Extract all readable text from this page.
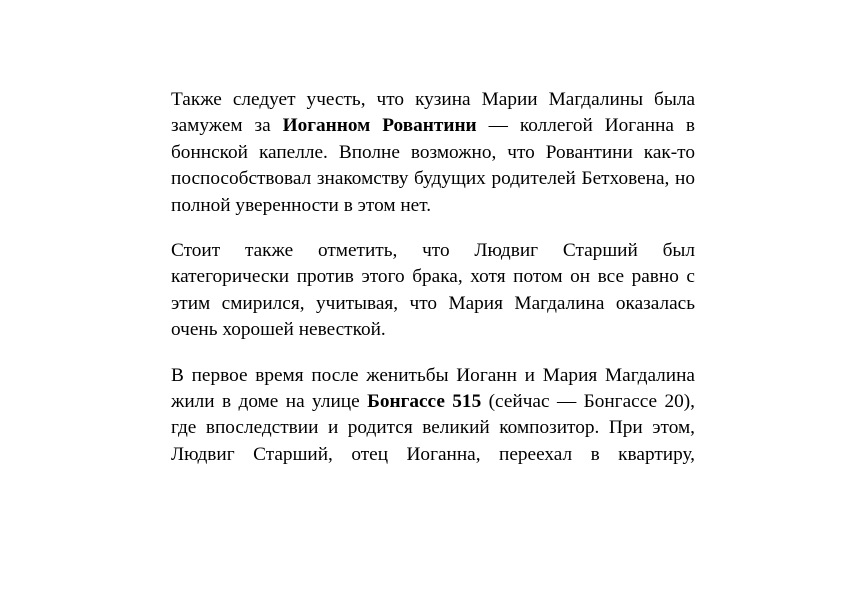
Также следует учесть, что кузина Марии Магдалины была замужем за Иоганном Ровантини — коллегой Иоганна в боннской капелле. Вполне возможно, что Ровантини как-то поспособствовал знакомству будущих родителей Бетховена, но полной уверенности в этом нет.

Стоит также отметить, что Людвиг Старший был категорически против этого брака, хотя потом он все равно с этим смирился, учитывая, что Мария Магдалина оказалась очень хорошей невесткой.

В первое время после женитьбы Иоганн и Мария Магдалина жили в доме на улице Бонгассе 515 (сейчас — Бонгассе 20), где впоследствии и родится великий композитор. При этом, Людвиг Старший, отец Иоганна, переехал в квартиру,
